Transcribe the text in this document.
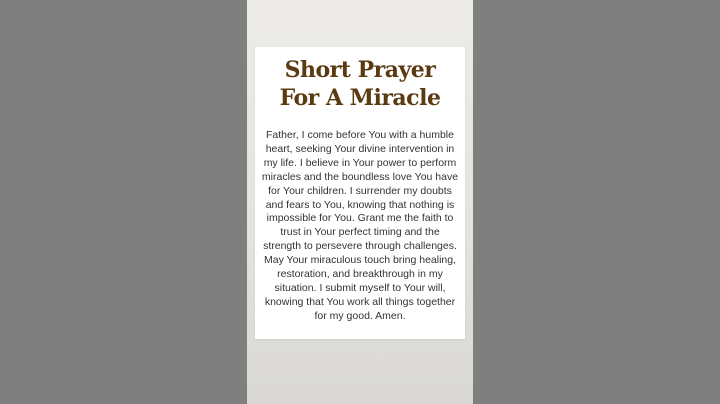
Short Prayer
For A Miracle

Father, I come before You with a humble heart, seeking Your divine intervention in my life. I believe in Your power to perform miracles and the boundless love You have for Your children. I surrender my doubts and fears to You, knowing that nothing is impossible for You. Grant me the faith to trust in Your perfect timing and the strength to persevere through challenges.

May Your miraculous touch bring healing, restoration, and breakthrough in my situation. I submit myself to Your will, knowing that You work all things together for my good. Amen.
